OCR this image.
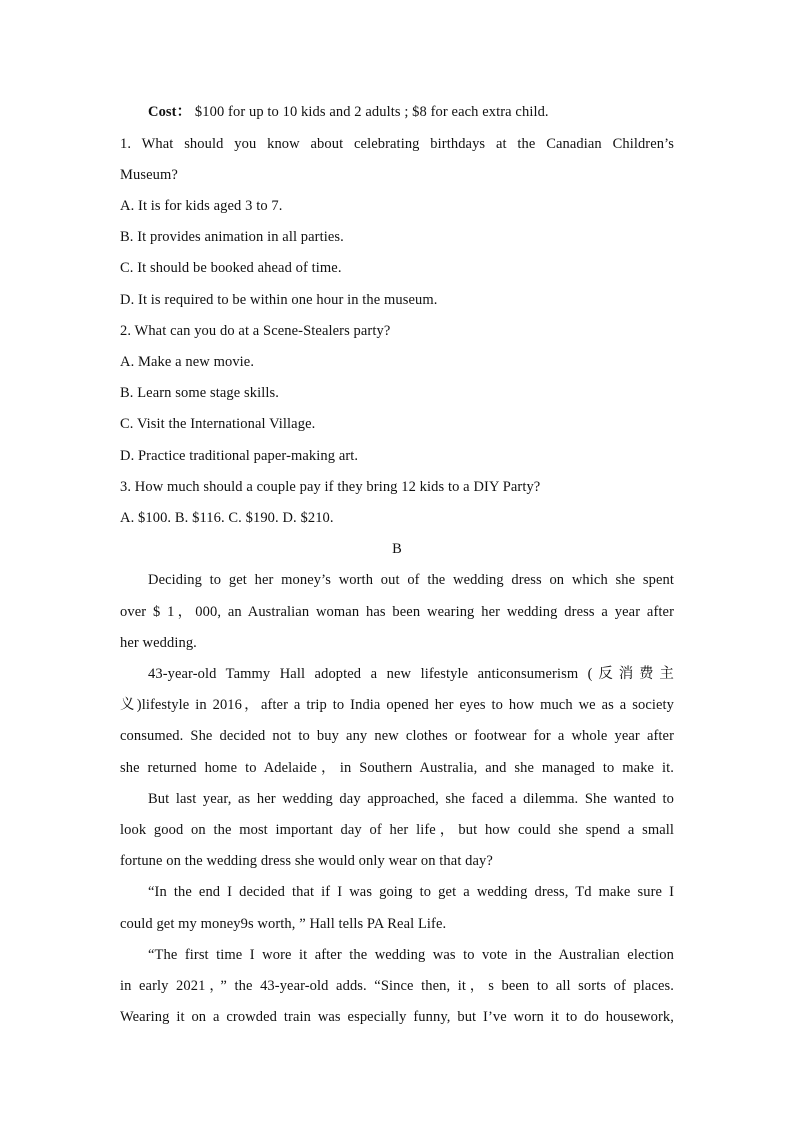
Cost： $100 for up to 10 kids and 2 adults ; $8 for each extra child.
1. What should you know about celebrating birthdays at the Canadian Children’s
Museum?
A. It is for kids aged 3 to 7.
B. It provides animation in all parties.
C. It should be booked ahead of time.
D. It is required to be within one hour in the museum.
2. What can you do at a Scene-Stealers party?
A. Make a new movie.
B. Learn some stage skills.
C. Visit the International Village.
D. Practice traditional paper-making art.
3. How much should a couple pay if they bring 12 kids to a DIY Party?
A. $100. B. $116. C. $190. D. $210.
B
Deciding to get her money’s worth out of the wedding dress on which she spent
over $ 1，000, an Australian woman has been wearing her wedding dress a year after
her wedding.
43-year-old Tammy Hall adopted a new lifestyle anticonsumerism (反消费主
义)lifestyle in 2016，after a trip to India opened her eyes to how much we as a society
consumed. She decided not to buy any new clothes or footwear for a whole year after
she returned home to Adelaide，in Southern Australia, and she managed to make it.
But last year, as her wedding day approached, she faced a dilemma. She wanted to
look good on the most important day of her life，but how could she spend a small
fortune on the wedding dress she would only wear on that day?
“In the end I decided that if I was going to get a wedding dress, Td make sure I
could get my money9s worth, ” Hall tells PA Real Life.
“The first time I wore it after the wedding was to vote in the Australian election
in early 2021，” the 43-year-old adds. “Since then, it，s been to all sorts of places.
Wearing it on a crowded train was especially funny, but I’ve worn it to do housework,
